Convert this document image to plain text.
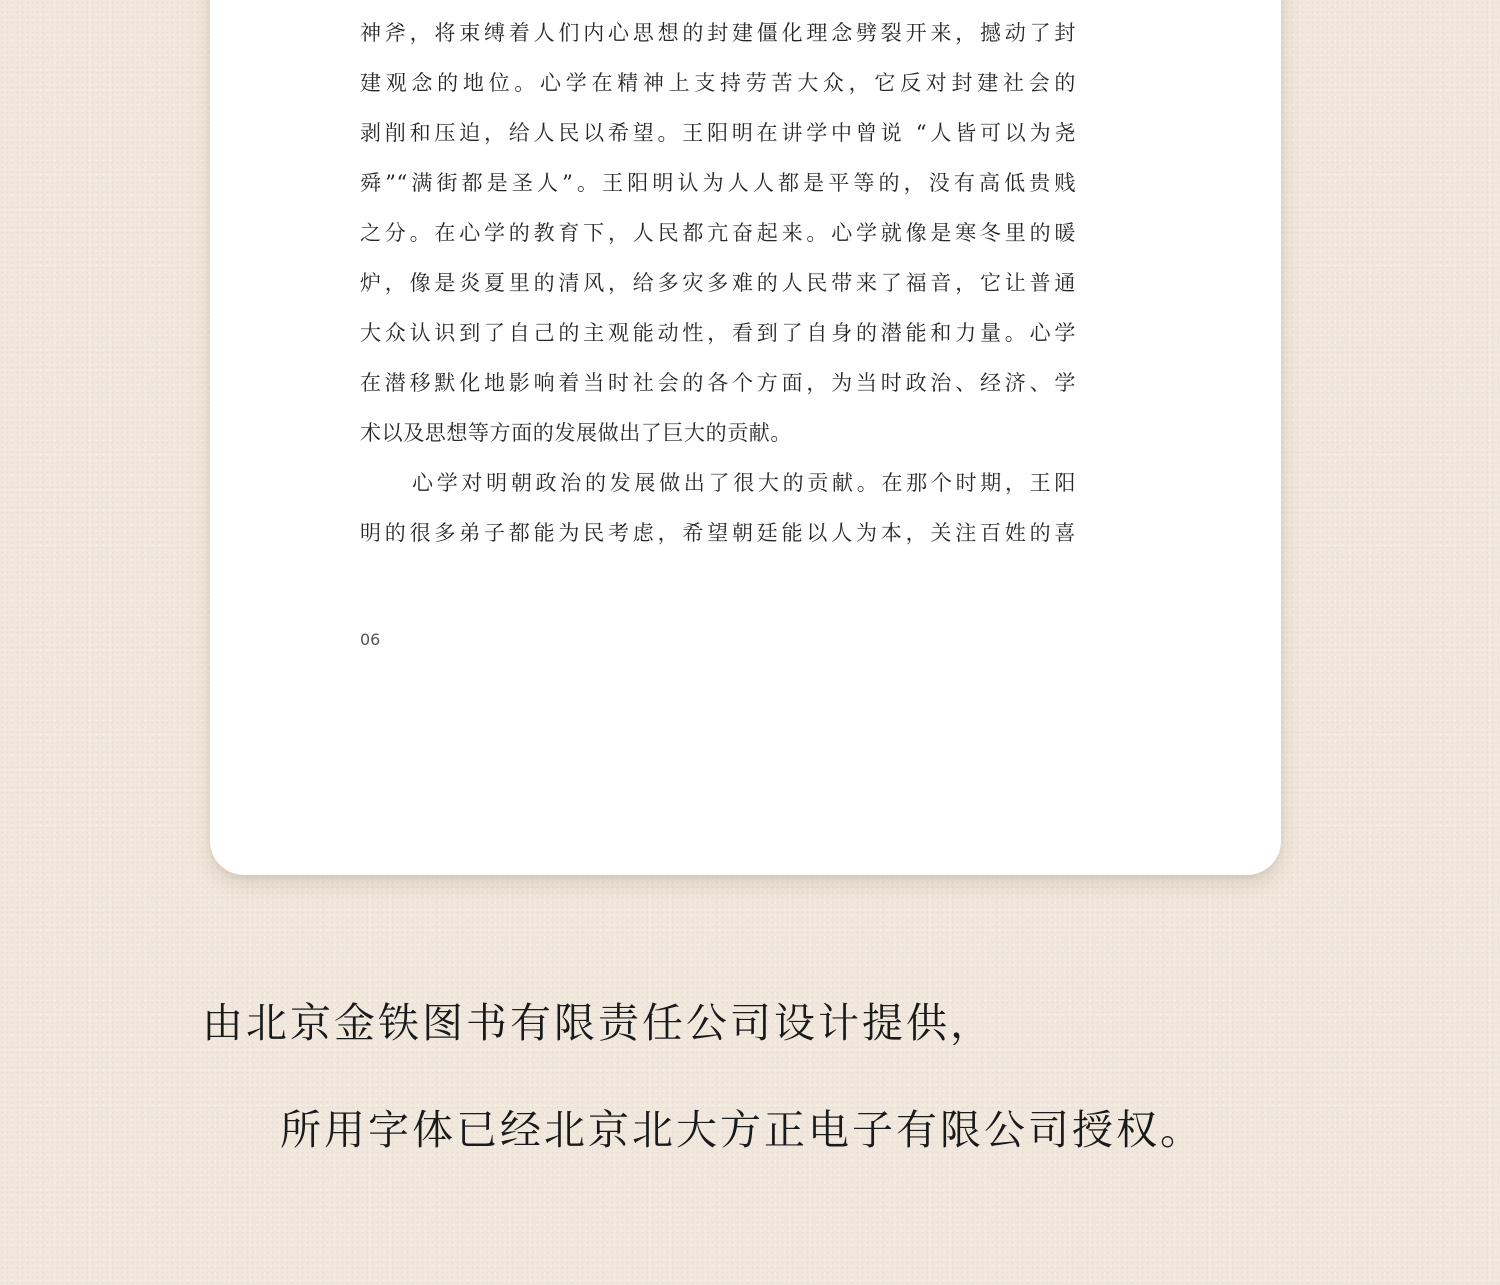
神斧，将束缚着人们内心思想的封建僵化理念劈裂开来，撼动了封
建观念的地位。心学在精神上支持劳苦大众，它反对封建社会的
剥削和压迫，给人民以希望。王阳明在讲学中曾说 “人皆可以为尧
舜”“满街都是圣人”。王阳明认为人人都是平等的，没有高低贵贱
之分。在心学的教育下，人民都亢奋起来。心学就像是寒冬里的暖
炉，像是炎夏里的清风，给多灾多难的人民带来了福音，它让普通
大众认识到了自己的主观能动性，看到了自身的潜能和力量。心学
在潜移默化地影响着当时社会的各个方面，为当时政治、经济、学
术以及思想等方面的发展做出了巨大的贡献。
心学对明朝政治的发展做出了很大的贡献。在那个时期，王阳
明的很多弟子都能为民考虑，希望朝廷能以人为本，关注百姓的喜
06
由北京金铁图书有限责任公司设计提供，
所用字体已经北京北大方正电子有限公司授权。
